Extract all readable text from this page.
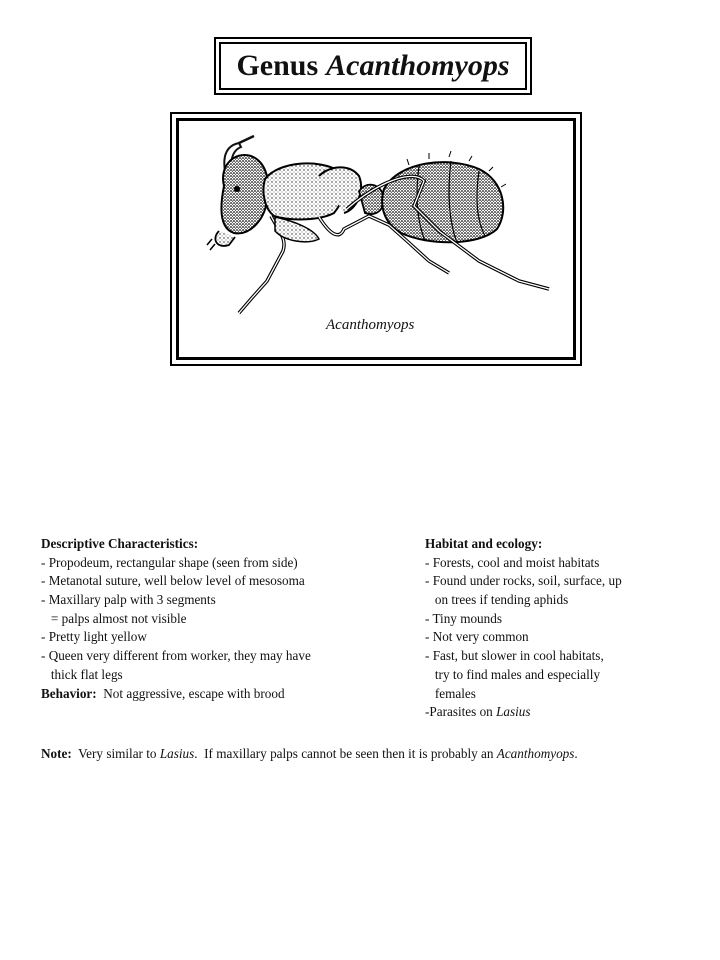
Genus Acanthomyops
Acanthomyops
Descriptive Characteristics:
- Propodeum, rectangular shape (seen from side)
- Metanotal suture, well below level of mesosoma
- Maxillary palp with 3 segments
= palps almost not visible
- Pretty light yellow
- Queen very different from worker, they may have
thick flat legs
Behavior: Not aggressive, escape with brood
Habitat and ecology:
- Forests, cool and moist habitats
- Found under rocks, soil, surface, up
on trees if tending aphids
- Tiny mounds
- Not very common
- Fast, but slower in cool habitats,
try to find males and especially
females
-Parasites on Lasius
Note: Very similar to Lasius.  If maxillary palps cannot be seen then it is probably an Acanthomyops.
